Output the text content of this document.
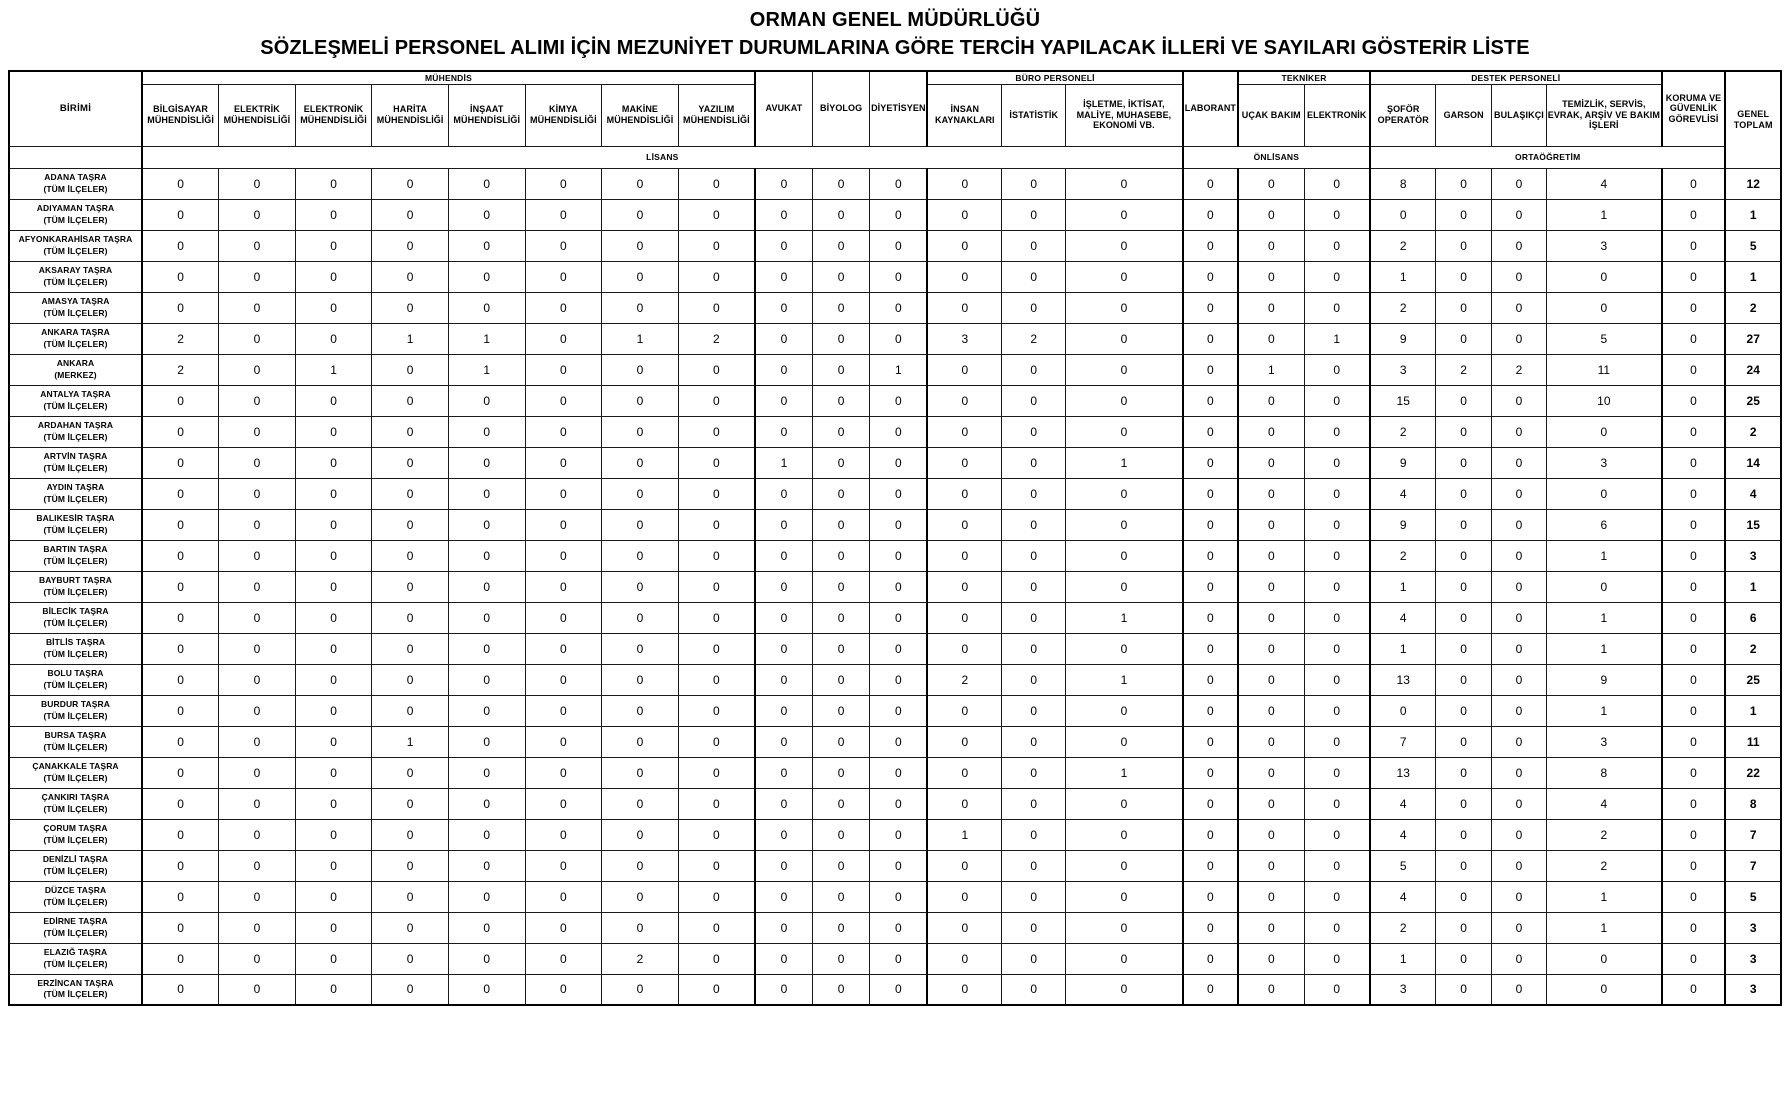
ORMAN GENEL MÜDÜRLÜĞÜ
SÖZLEŞMELİ PERSONEL ALIMI İÇİN MEZUNİYET DURUMLARINA GÖRE TERCİH YAPILACAK İLLERİ VE SAYILARI GÖSTERİR LİSTE
BİRİMİ	MÜHENDİS								AVUKAT	BİYOLOG	DİYETİSYEN	BÜRO PERSONELİ			LABORANT	TEKNİKER		DESTEK PERSONELİ				KORUMA VE GÜVENLİK GÖREVLİSİ	GENEL TOPLAM
	BİLGİSAYAR MÜHENDİSLİĞİ	ELEKTRİK MÜHENDİSLİĞİ	ELEKTRONİK MÜHENDİSLİĞİ	HARİTA MÜHENDİSLİĞİ	İNŞAAT MÜHENDİSLİĞİ	KİMYA MÜHENDİSLİĞİ	MAKİNE MÜHENDİSLİĞİ	YAZILIM MÜHENDİSLİĞİ				İNSAN KAYNAKLARI	İSTATİSTİK	İŞLETME, İKTİSAT, MALİYE, MUHASEBE, EKONOMİ VB.		UÇAK BAKIM	ELEKTRONİK	ŞOFÖR OPERATÖR	GARSON	BULAŞIKÇI	TEMİZLİK, SERVİS, EVRAK, ARŞİV VE BAKIM İŞLERİ		
	LİSANS														ÖNLİSANS			ORTAÖĞRETİM					

ADANA TAŞRA
(TÜM İLÇELER)	0	0	0	0	0	0	0	0	0	0	0	0	0	0	0	0	0	8	0	0	4	0	12

ADIYAMAN TAŞRA
(TÜM İLÇELER)	0	0	0	0	0	0	0	0	0	0	0	0	0	0	0	0	0	0	0	0	1	0	1

AFYONKARAHİSAR TAŞRA
(TÜM İLÇELER)	0	0	0	0	0	0	0	0	0	0	0	0	0	0	0	0	0	2	0	0	3	0	5

AKSARAY TAŞRA
(TÜM İLÇELER)	0	0	0	0	0	0	0	0	0	0	0	0	0	0	0	0	0	1	0	0	0	0	1

AMASYA TAŞRA
(TÜM İLÇELER)	0	0	0	0	0	0	0	0	0	0	0	0	0	0	0	0	0	2	0	0	0	0	2

ANKARA TAŞRA
(TÜM İLÇELER)	2	0	0	1	1	0	1	2	0	0	0	3	2	0	0	0	1	9	0	0	5	0	27

ANKARA
(MERKEZ)	2	0	1	0	1	0	0	0	0	0	1	0	0	0	0	1	0	3	2	2	11	0	24

ANTALYA TAŞRA
(TÜM İLÇELER)	0	0	0	0	0	0	0	0	0	0	0	0	0	0	0	0	0	15	0	0	10	0	25

ARDAHAN TAŞRA
(TÜM İLÇELER)	0	0	0	0	0	0	0	0	0	0	0	0	0	0	0	0	0	2	0	0	0	0	2

ARTVİN TAŞRA
(TÜM İLÇELER)	0	0	0	0	0	0	0	0	1	0	0	0	0	1	0	0	0	9	0	0	3	0	14

AYDIN TAŞRA
(TÜM İLÇELER)	0	0	0	0	0	0	0	0	0	0	0	0	0	0	0	0	0	4	0	0	0	0	4

BALIKESİR TAŞRA
(TÜM İLÇELER)	0	0	0	0	0	0	0	0	0	0	0	0	0	0	0	0	0	9	0	0	6	0	15

BARTIN TAŞRA
(TÜM İLÇELER)	0	0	0	0	0	0	0	0	0	0	0	0	0	0	0	0	0	2	0	0	1	0	3

BAYBURT TAŞRA
(TÜM İLÇELER)	0	0	0	0	0	0	0	0	0	0	0	0	0	0	0	0	0	1	0	0	0	0	1

BİLECİK TAŞRA
(TÜM İLÇELER)	0	0	0	0	0	0	0	0	0	0	0	0	0	1	0	0	0	4	0	0	1	0	6

BİTLİS TAŞRA
(TÜM İLÇELER)	0	0	0	0	0	0	0	0	0	0	0	0	0	0	0	0	0	1	0	0	1	0	2

BOLU TAŞRA
(TÜM İLÇELER)	0	0	0	0	0	0	0	0	0	0	0	2	0	1	0	0	0	13	0	0	9	0	25

BURDUR TAŞRA
(TÜM İLÇELER)	0	0	0	0	0	0	0	0	0	0	0	0	0	0	0	0	0	0	0	0	1	0	1

BURSA TAŞRA
(TÜM İLÇELER)	0	0	0	1	0	0	0	0	0	0	0	0	0	0	0	0	0	7	0	0	3	0	11

ÇANAKKALE TAŞRA
(TÜM İLÇELER)	0	0	0	0	0	0	0	0	0	0	0	0	0	1	0	0	0	13	0	0	8	0	22

ÇANKIRI TAŞRA
(TÜM İLÇELER)	0	0	0	0	0	0	0	0	0	0	0	0	0	0	0	0	0	4	0	0	4	0	8

ÇORUM TAŞRA
(TÜM İLÇELER)	0	0	0	0	0	0	0	0	0	0	0	1	0	0	0	0	0	4	0	0	2	0	7

DENİZLİ TAŞRA
(TÜM İLÇELER)	0	0	0	0	0	0	0	0	0	0	0	0	0	0	0	0	0	5	0	0	2	0	7

DÜZCE TAŞRA
(TÜM İLÇELER)	0	0	0	0	0	0	0	0	0	0	0	0	0	0	0	0	0	4	0	0	1	0	5

EDİRNE TAŞRA
(TÜM İLÇELER)	0	0	0	0	0	0	0	0	0	0	0	0	0	0	0	0	0	2	0	0	1	0	3

ELAZIĞ TAŞRA
(TÜM İLÇELER)	0	0	0	0	0	0	2	0	0	0	0	0	0	0	0	0	0	1	0	0	0	0	3

ERZİNCAN TAŞRA
(TÜM İLÇELER)	0	0	0	0	0	0	0	0	0	0	0	0	0	0	0	0	0	3	0	0	0	0	3
